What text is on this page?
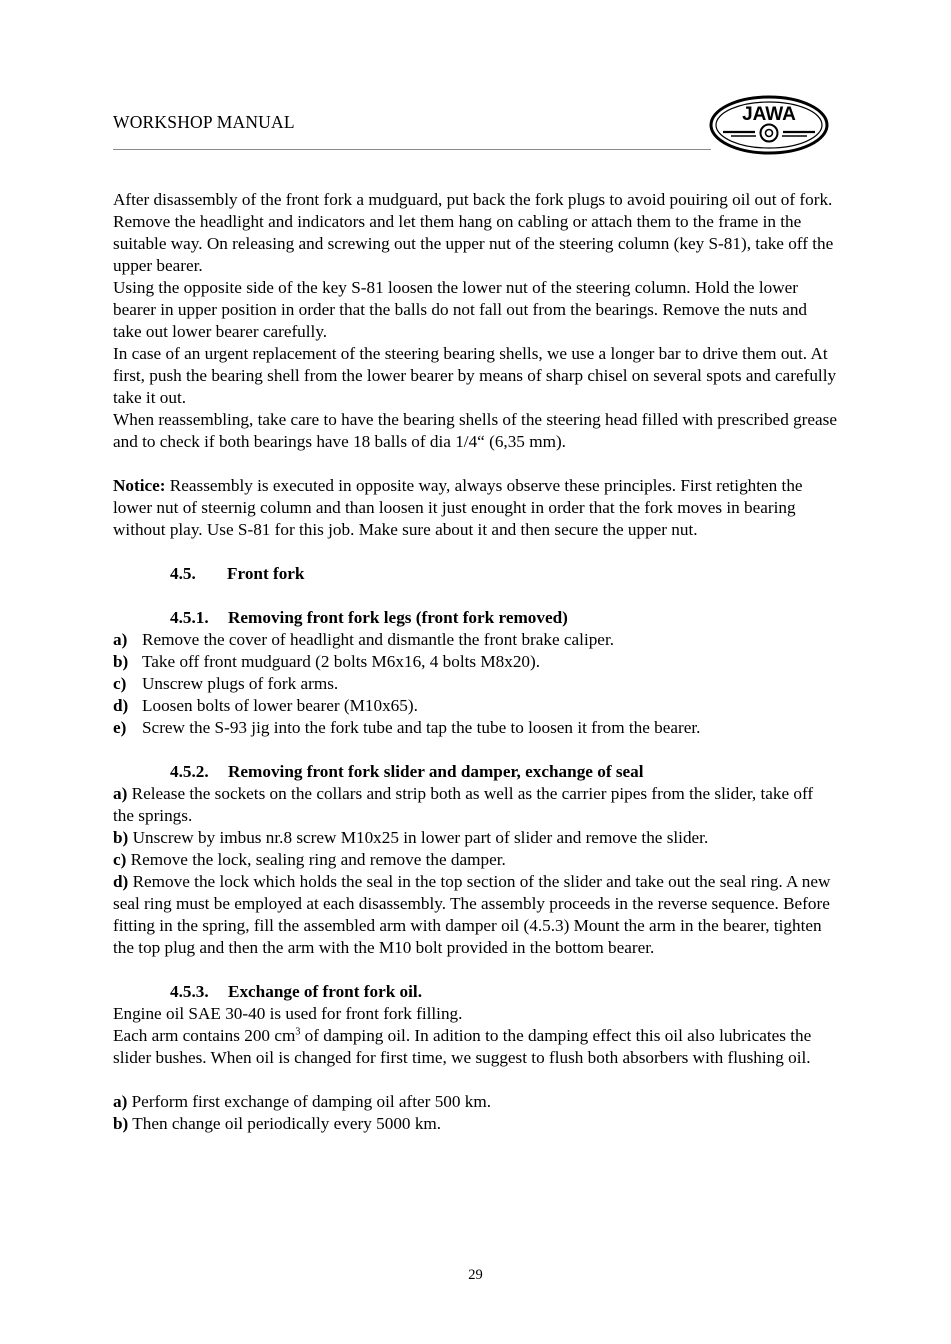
WORKSHOP MANUAL	JAWA

After disassembly of the front fork a mudguard, put back the fork plugs to avoid pouiring oil out of fork. Remove the headlight and indicators and let them hang on cabling or attach them to the frame in the suitable way. On releasing and screwing out the upper nut of the steering column (key S-81), take off the upper bearer.

Using the opposite side of the key S-81 loosen the lower nut of the steering column. Hold the lower bearer in upper position in order that the balls do not fall out from the bearings. Remove the nuts and take out lower bearer carefully.

In case of an urgent replacement of the steering bearing shells, we use a longer bar to drive them out. At first, push the bearing shell from the lower bearer by means of sharp chisel on several spots and carefully take it out.

When reassembling, take care to have the bearing shells of the steering head filled with prescribed grease and to check if both bearings have 18 balls of dia 1/4“ (6,35 mm).

Notice: Reassembly is executed in opposite way, always observe these principles. First retighten the lower nut of steernig column and than loosen it just enought in order that the fork moves in bearing without play. Use S-81 for this job. Make sure about it and then secure the upper nut.

4.5. Front fork
4.5.1. Removing front fork legs (front fork removed)
a) Remove the cover of headlight and dismantle the front brake caliper.
b) Take off front mudguard (2 bolts M6x16, 4 bolts M8x20).
c) Unscrew plugs of fork arms.
d) Loosen bolts of lower bearer (M10x65).
e) Screw the S-93 jig into the fork tube and tap the tube to loosen it from the bearer.
4.5.2. Removing front fork slider and damper, exchange of seal

a) Release the sockets on the collars and strip both as well as the carrier pipes from the slider, take off the springs.

b) Unscrew by imbus nr.8 screw M10x25 in lower part of slider and remove the slider.

c) Remove the lock, sealing ring and remove the damper.

d) Remove the lock which holds the seal in the top section of the slider and take out the seal ring. A new seal ring must be employed at each disassembly. The assembly proceeds in the reverse sequence. Before fitting in the spring, fill the assembled arm with damper oil (4.5.3) Mount the arm in the bearer, tighten the top plug and then the arm with the M10 bolt provided in the bottom bearer.

4.5.3. Exchange of front fork oil.

Engine oil SAE 30-40 is used for front fork filling.

Each arm contains 200 $cm^3$ of damping oil. In adition to the damping effect this oil also lubricates the slider bushes. When oil is changed for first time, we suggest to flush both absorbers with flushing oil.

a) Perform first exchange of damping oil after 500 km.

b) Then change oil periodically every 5000 km.

29
